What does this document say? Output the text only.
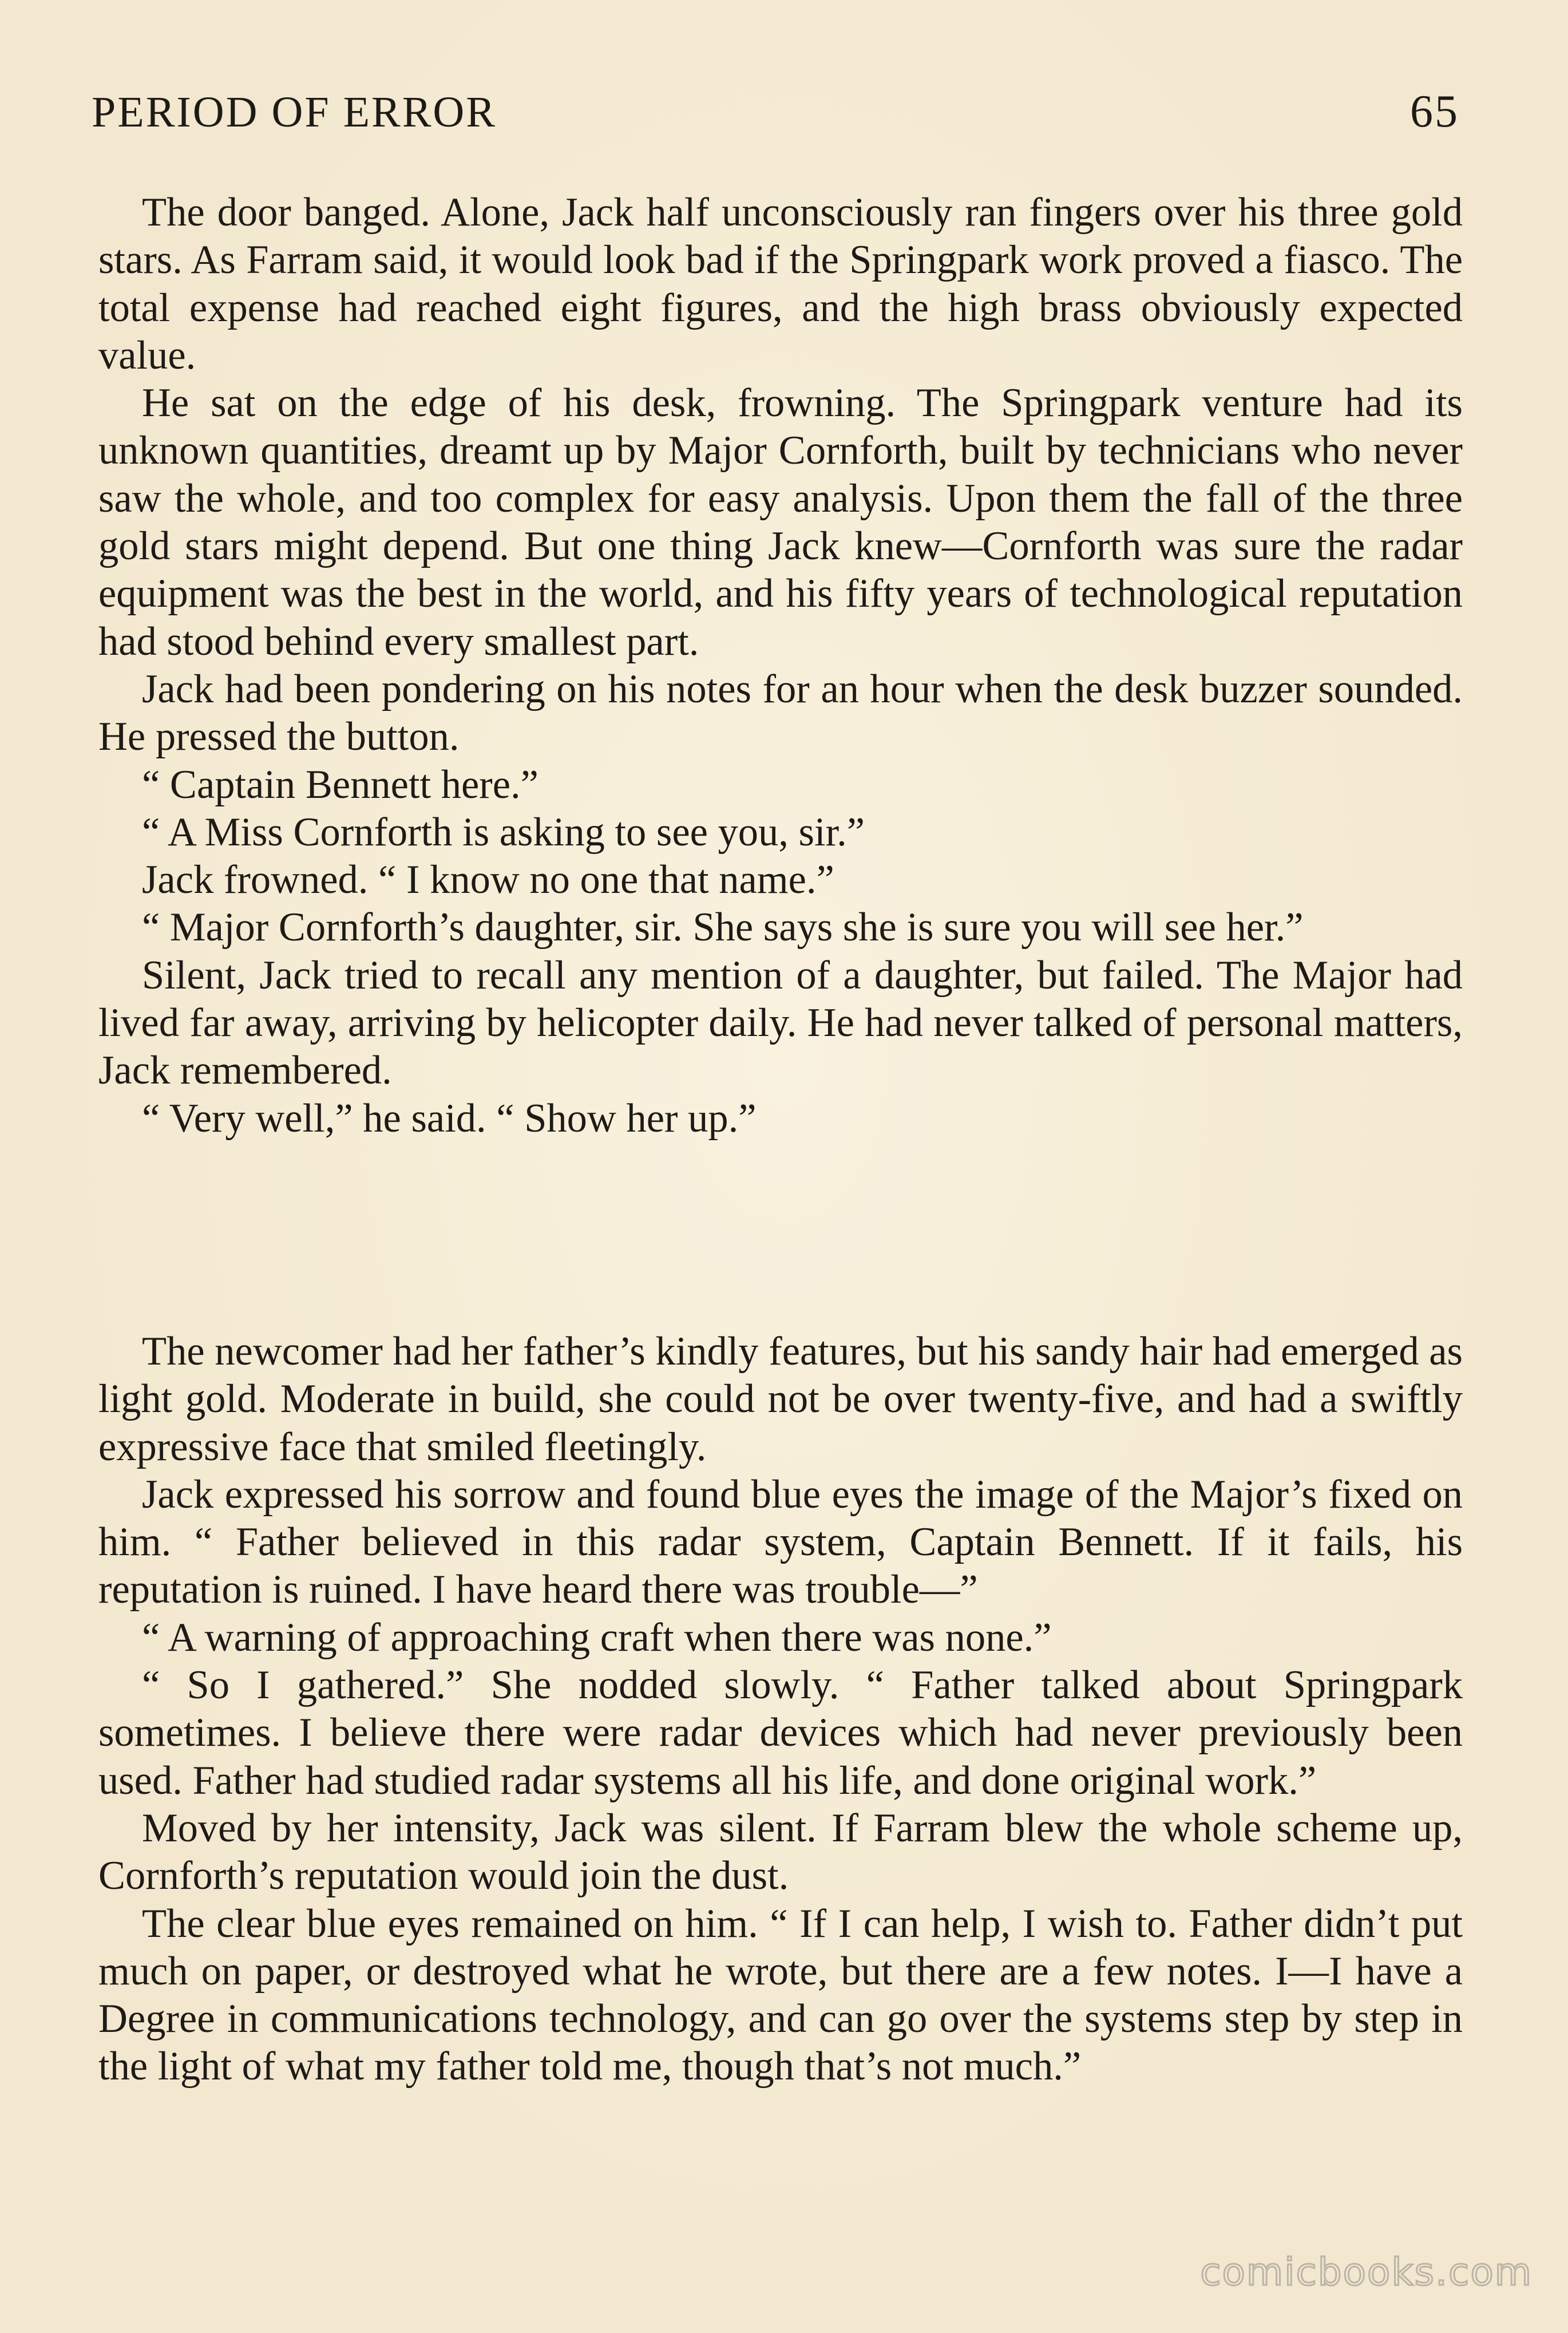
PERIOD OF ERROR	65

The door banged. Alone, Jack half unconsciously ran fingers over his three gold stars. As Farram said, it would look bad if the Springpark work proved a fiasco. The total expense had reached eight figures, and the high brass obviously expected value.

He sat on the edge of his desk, frowning. The Springpark venture had its unknown quantities, dreamt up by Major Cornforth, built by technicians who never saw the whole, and too complex for easy analysis. Upon them the fall of the three gold stars might depend. But one thing Jack knew—Cornforth was sure the radar equipment was the best in the world, and his fifty years of technological reputation had stood behind every smallest part.

Jack had been pondering on his notes for an hour when the desk buzzer sounded. He pressed the button.

“ Captain Bennett here.”

“ A Miss Cornforth is asking to see you, sir.”

Jack frowned. “ I know no one that name.”

“ Major Cornforth’s daughter, sir. She says she is sure you will see her.”

Silent, Jack tried to recall any mention of a daughter, but failed. The Major had lived far away, arriving by helicopter daily. He had never talked of personal matters, Jack remembered.

“ Very well,” he said. “ Show her up.”

The newcomer had her father’s kindly features, but his sandy hair had emerged as light gold. Moderate in build, she could not be over twenty-five, and had a swiftly expressive face that smiled fleetingly.

Jack expressed his sorrow and found blue eyes the image of the Major’s fixed on him. “ Father believed in this radar system, Captain Bennett. If it fails, his reputation is ruined. I have heard there was trouble—”

“ A warning of approaching craft when there was none.”

“ So I gathered.” She nodded slowly. “ Father talked about Springpark sometimes. I believe there were radar devices which had never previously been used. Father had studied radar systems all his life, and done original work.”

Moved by her intensity, Jack was silent. If Farram blew the whole scheme up, Cornforth’s reputation would join the dust.

The clear blue eyes remained on him. “ If I can help, I wish to. Father didn’t put much on paper, or destroyed what he wrote, but there are a few notes. I—I have a Degree in communications technology, and can go over the systems step by step in the light of what my father told me, though that’s not much.”

comicbooks.com
